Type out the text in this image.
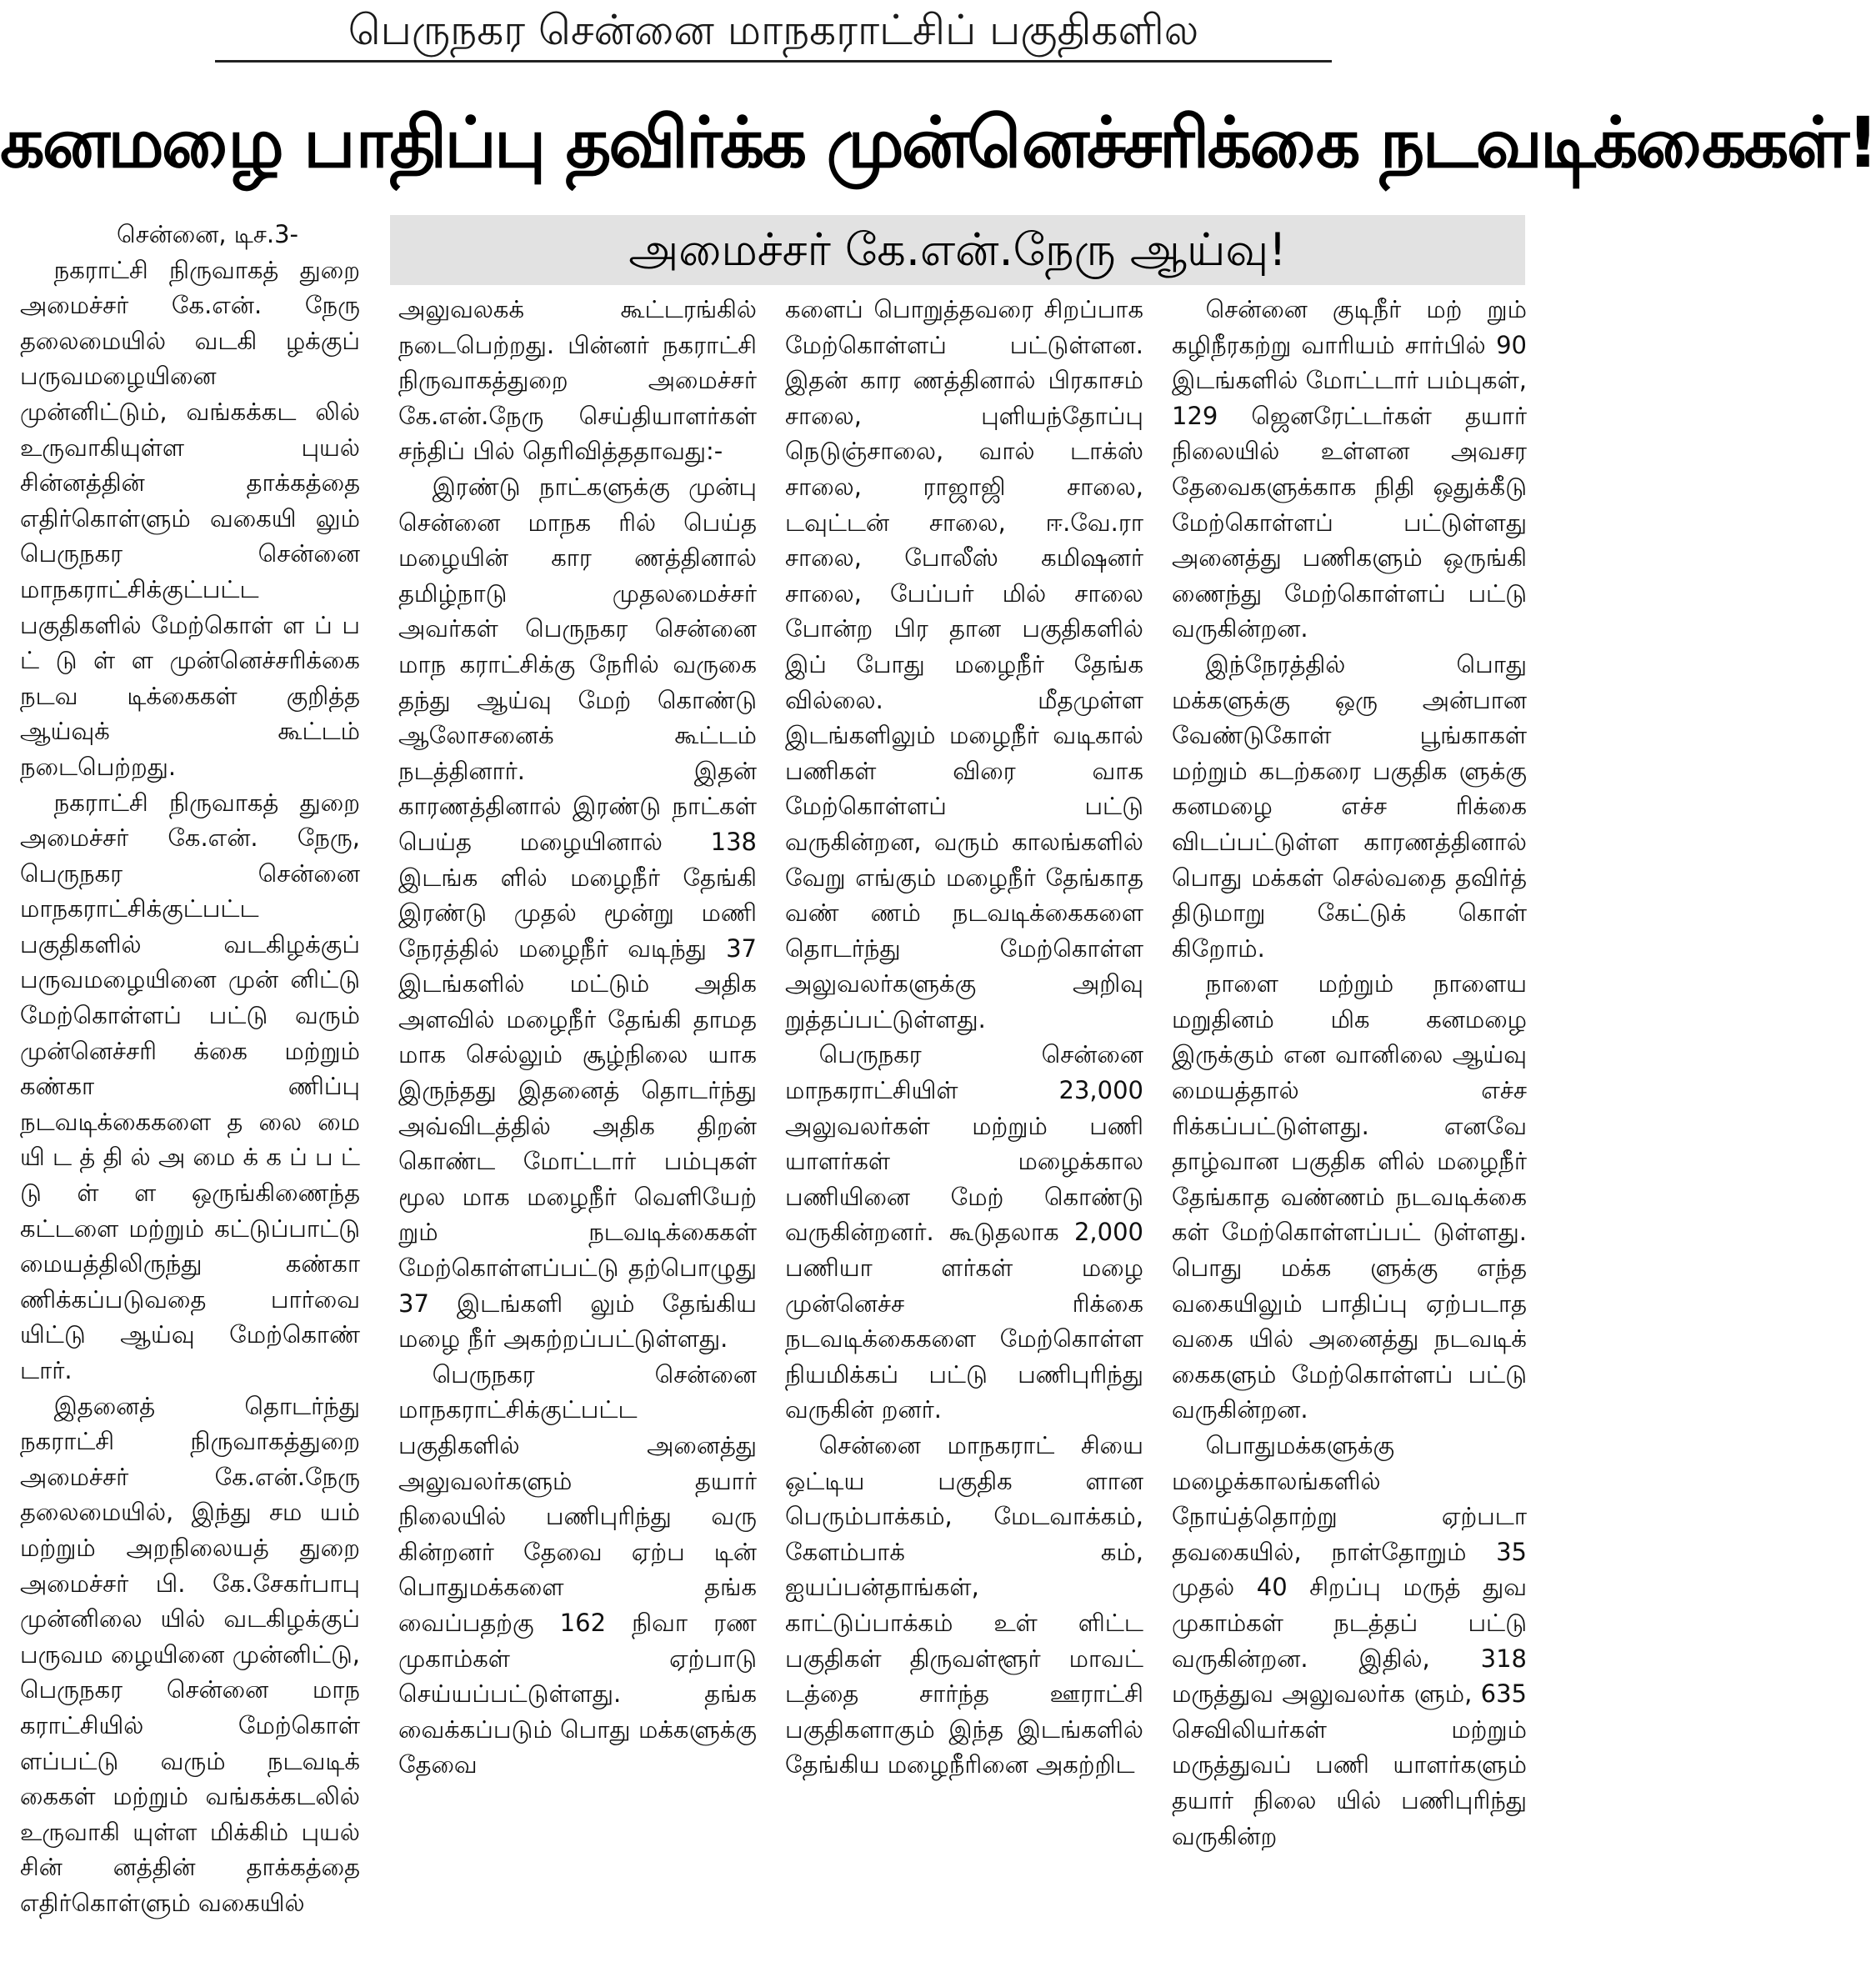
பெருநகர சென்னை மாநகராட்சிப் பகுதிகளில
கனமழை பாதிப்பு தவிர்க்க முன்னெச்சரிக்கை நடவடிக்கைகள்!
அமைச்சர் கே.என்.நேரு ஆய்வு!

சென்னை, டிச.3-

நகராட்சி நிருவாகத் துறை அமைச்சர் கே.என். நேரு தலைமையில் வடகி ழக்குப் பருவமழையினை முன்னிட்டும், வங்கக்கட லில் உருவாகியுள்ள புயல் சின்னத்தின் தாக்கத்தை எதிர்கொள்ளும் வகையி லும் பெருநகர சென்னை மாநகராட்சிக்குட்பட்ட பகுதிகளில் மேற்கொள் ள ப் ப ட் டு ள் ள முன்னெச்சரிக்கை நடவ டிக்கைகள் குறித்த ஆய்வுக் கூட்டம் நடைபெற்றது.

நகராட்சி நிருவாகத் துறை அமைச்சர் கே.என். நேரு, பெருநகர சென்னை மாநகராட்சிக்குட்பட்ட பகுதிகளில் வடகிழக்குப் பருவமழையினை முன் னிட்டு மேற்கொள்ளப் பட்டு வரும் முன்னெச்சரி க்கை மற்றும் கண்கா ணிப்பு நடவடிக்கைகளை த லை மை யி ட த் தி ல் அ மை க் க ப் ப ட் டு ள் ள ஒருங்கிணைந்த கட்டளை மற்றும் கட்டுப்பாட்டு மையத்திலிருந்து கண்கா ணிக்கப்படுவதை பார்வை யிட்டு ஆய்வு மேற்கொண் டார்.

இதனைத் தொடர்ந்து நகராட்சி நிருவாகத்துறை அமைச்சர் கே.என்.நேரு தலைமையில், இந்து சம யம் மற்றும் அறநிலையத் துறை அமைச்சர் பி. கே.சேகர்பாபு முன்னிலை யில் வடகிழக்குப் பருவம ழையினை முன்னிட்டு, பெருநகர சென்னை மாந கராட்சியில் மேற்கொள் ளப்பட்டு வரும் நடவடிக் கைகள் மற்றும் வங்கக்கடலில் உருவாகி யுள்ள மிக்கிம் புயல் சின் னத்தின் தாக்கத்தை எதிர்கொள்ளும் வகையில்

அலுவலகக் கூட்டரங்கில் நடைபெற்றது. பின்னர் நகராட்சி நிருவாகத்துறை அமைச்சர் கே.என்.நேரு செய்தியாளர்கள் சந்திப் பில் தெரிவித்ததாவது:-

இரண்டு நாட்களுக்கு முன்பு சென்னை மாநக ரில் பெய்த மழையின் கார ணத்தினால் தமிழ்நாடு முதலமைச்சர் அவர்கள் பெருநகர சென்னை மாந கராட்சிக்கு நேரில் வருகை தந்து ஆய்வு மேற் கொண்டு ஆலோசனைக் கூட்டம் நடத்தினார். இதன் காரணத்தினால் இரண்டு நாட்கள் பெய்த மழையினால் 138 இடங்க ளில் மழைநீர் தேங்கி இரண்டு முதல் மூன்று மணி நேரத்தில் மழைநீர் வடிந்து 37 இடங்களில் மட்டும் அதிக அளவில் மழைநீர் தேங்கி தாமத மாக செல்லும் சூழ்நிலை யாக இருந்தது இதனைத் தொடர்ந்து அவ்விடத்தில் அதிக திறன் கொண்ட மோட்டார் பம்புகள் மூல மாக மழைநீர் வெளியேற் றும் நடவடிக்கைகள் மேற்கொள்ளப்பட்டு தற்பொழுது 37 இடங்களி லும் தேங்கிய மழை நீர் அகற்றப்பட்டுள்ளது.

பெருநகர சென்னை மாநகராட்சிக்குட்பட்ட பகுதிகளில் அனைத்து அலுவலர்களும் தயார் நிலையில் பணிபுரிந்து வரு கின்றனர் தேவை ஏற்ப டின் பொதுமக்களை தங்க வைப்பதற்கு 162 நிவா ரண முகாம்கள் ஏற்பாடு செய்யப்பட்டுள்ளது. தங்க வைக்கப்படும் பொது மக்களுக்கு தேவை

களைப் பொறுத்தவரை சிறப்பாக மேற்கொள்ளப் பட்டுள்ளன. இதன் கார ணத்தினால் பிரகாசம் சாலை, புளியந்தோப்பு நெடுஞ்சாலை, வால் டாக்ஸ் சாலை, ராஜாஜி சாலை, டவுட்டன் சாலை, ஈ.வே.ரா சாலை, போலீஸ் கமிஷனர் சாலை, பேப்பர் மில் சாலை போன்ற பிர தான பகுதிகளில் இப் போது மழைநீர் தேங்க வில்லை. மீதமுள்ள இடங்களிலும் மழைநீர் வடிகால் பணிகள் விரை வாக மேற்கொள்ளப் பட்டு வருகின்றன, வரும் காலங்களில் வேறு எங்கும் மழைநீர் தேங்காத வண் ணம் நடவடிக்கைகளை தொடர்ந்து மேற்கொள்ள அலுவலர்களுக்கு அறிவு றுத்தப்பட்டுள்ளது.

பெருநகர சென்னை மாநகராட்சியிள் 23,000 அலுவலர்கள் மற்றும் பணி யாளர்கள் மழைக்கால பணியினை மேற் கொண்டு வருகின்றனர். கூடுதலாக 2,000 பணியா ளர்கள் மழை முன்னெச்ச ரிக்கை நடவடிக்கைகளை மேற்கொள்ள நியமிக்கப் பட்டு பணிபுரிந்து வருகின் றனர்.

சென்னை மாநகராட் சியை ஒட்டிய பகுதிக ளான பெரும்பாக்கம், மேடவாக்கம், கேளம்பாக் கம், ஐயப்பன்தாங்கள், காட்டுப்பாக்கம் உள் ளிட்ட பகுதிகள் திருவள்ளூர் மாவட் டத்தை சார்ந்த ஊராட்சி பகுதிகளாகும் இந்த இடங்களில் தேங்கிய மழைநீரினை அகற்றிட

சென்னை குடிநீர் மற் றும் கழிநீரகற்று வாரியம் சார்பில் 90 இடங்களில் மோட்டார் பம்புகள், 129 ஜெனரேட்டர்கள் தயார் நிலையில் உள்ளன அவசர தேவைகளுக்காக நிதி ஒதுக்கீடு மேற்கொள்ளப் பட்டுள்ளது அனைத்து பணிகளும் ஒருங்கி ணைந்து மேற்கொள்ளப் பட்டு வருகின்றன.

இந்நேரத்தில் பொது மக்களுக்கு ஒரு அன்பான வேண்டுகோள் பூங்காகள் மற்றும் கடற்கரை பகுதிக ளுக்கு கனமழை எச்ச ரிக்கை விடப்பட்டுள்ள காரணத்தினால் பொது மக்கள் செல்வதை தவிர்த் திடுமாறு கேட்டுக் கொள் கிறோம்.

நாளை மற்றும் நாளைய மறுதினம் மிக கனமழை இருக்கும் என வானிலை ஆய்வு மையத்தால் எச்ச ரிக்கப்பட்டுள்ளது. எனவே தாழ்வான பகுதிக ளில் மழைநீர் தேங்காத வண்ணம் நடவடிக்கை கள் மேற்கொள்ளப்பட் டுள்ளது. பொது மக்க ளுக்கு எந்த வகையிலும் பாதிப்பு ஏற்படாத வகை யில் அனைத்து நடவடிக் கைகளும் மேற்கொள்ளப் பட்டு வருகின்றன.

பொதுமக்களுக்கு மழைக்காலங்களில் நோய்த்தொற்று ஏற்படா தவகையில், நாள்தோறும் 35 முதல் 40 சிறப்பு மருத் துவ முகாம்கள் நடத்தப் பட்டு வருகின்றன. இதில், 318 மருத்துவ அலுவலர்க ளும், 635 செவிலியர்கள் மற்றும் மருத்துவப் பணி யாளர்களும் தயார் நிலை யில் பணிபுரிந்து வருகின்ற
